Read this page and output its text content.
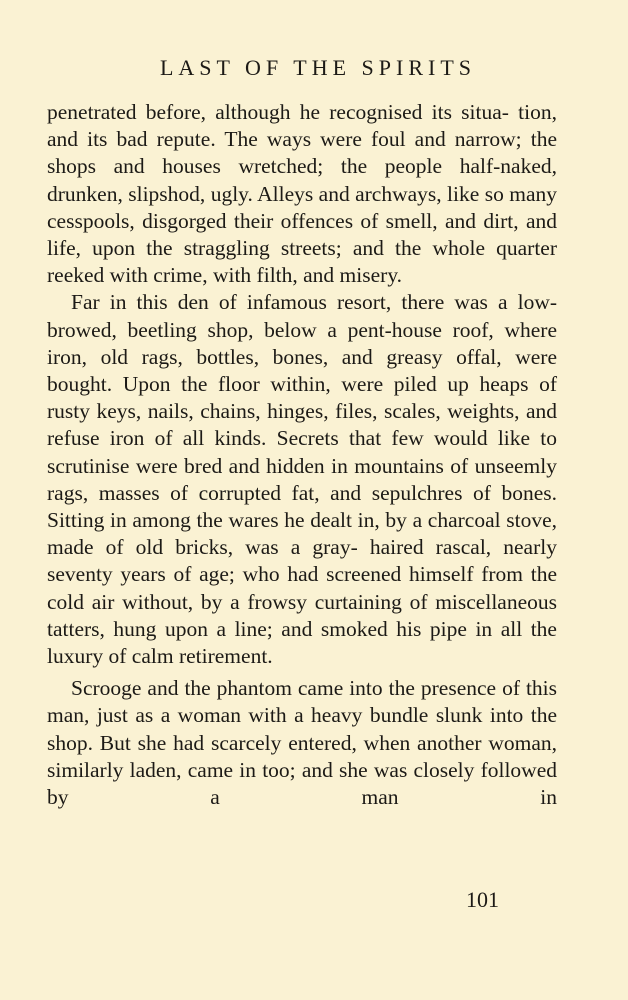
LAST OF THE SPIRITS

penetrated before, although he recognised its situa- tion, and its bad repute. The ways were foul and narrow; the shops and houses wretched; the people half-naked, drunken, slipshod, ugly. Alleys and archways, like so many cesspools, disgorged their offences of smell, and dirt, and life, upon the straggling streets; and the whole quarter reeked with crime, with filth, and misery.

Far in this den of infamous resort, there was a low-browed, beetling shop, below a pent-house roof, where iron, old rags, bottles, bones, and greasy offal, were bought. Upon the floor within, were piled up heaps of rusty keys, nails, chains, hinges, files, scales, weights, and refuse iron of all kinds. Secrets that few would like to scrutinise were bred and hidden in mountains of unseemly rags, masses of corrupted fat, and sepulchres of bones. Sitting in among the wares he dealt in, by a charcoal stove, made of old bricks, was a gray- haired rascal, nearly seventy years of age; who had screened himself from the cold air without, by a frowsy curtaining of miscellaneous tatters, hung upon a line; and smoked his pipe in all the luxury of calm retirement.

Scrooge and the phantom came into the presence of this man, just as a woman with a heavy bundle slunk into the shop. But she had scarcely entered, when another woman, similarly laden, came in too; and she was closely followed by a man in

101
